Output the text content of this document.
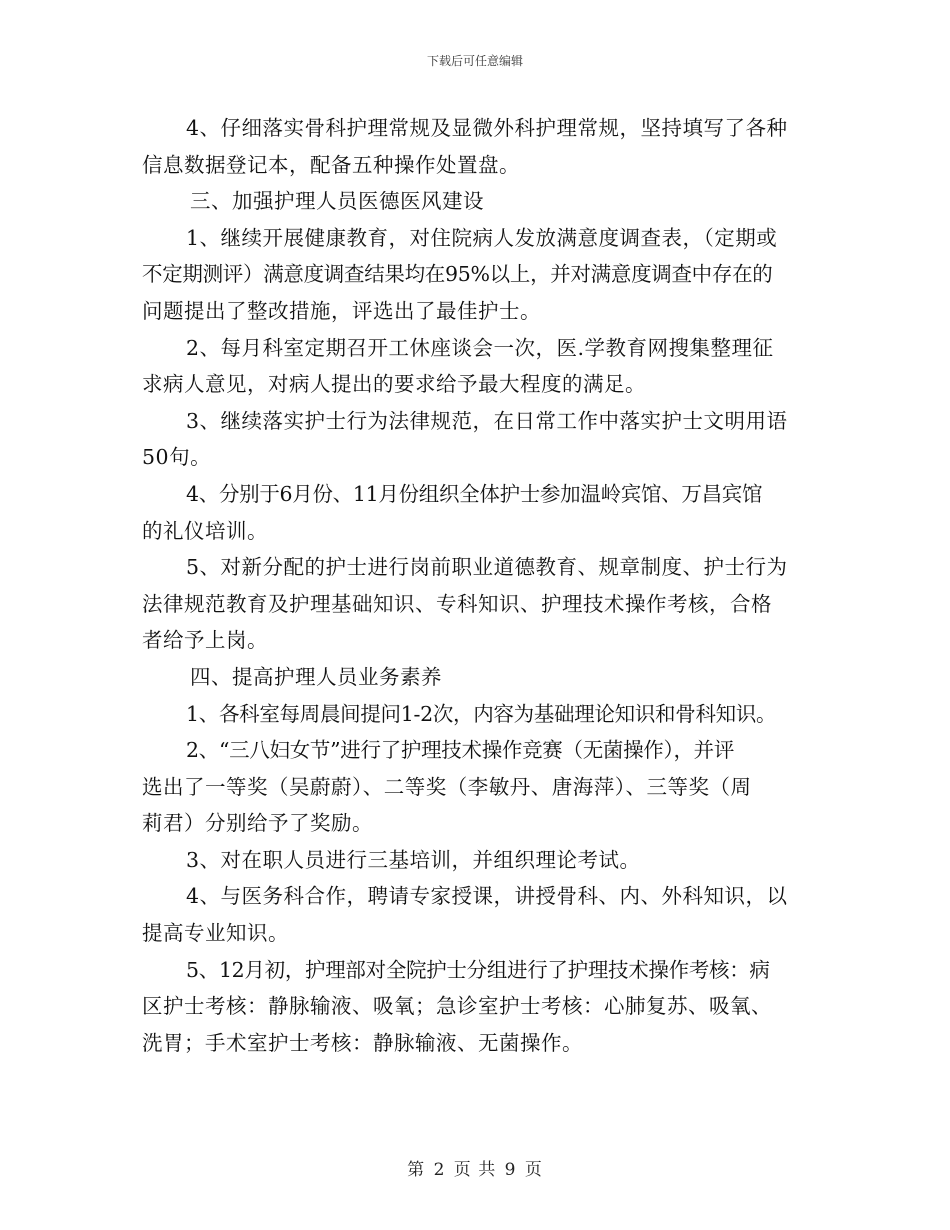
下载后可任意编辑
4、仔细落实骨科护理常规及显微外科护理常规，坚持填写了各种
信息数据登记本，配备五种操作处置盘。
三、加强护理人员医德医风建设
1、继续开展健康教育，对住院病人发放满意度调查表，（定期或
不定期测评）满意度调查结果均在95%以上，并对满意度调查中存在的
问题提出了整改措施，评选出了最佳护士。
2、每月科室定期召开工休座谈会一次，医.学教育网搜集整理征
求病人意见，对病人提出的要求给予最大程度的满足。
3、继续落实护士行为法律规范，在日常工作中落实护士文明用语
50句。
4、分别于6月份、11月份组织全体护士参加温岭宾馆、万昌宾馆
的礼仪培训。
5、对新分配的护士进行岗前职业道德教育、规章制度、护士行为
法律规范教育及护理基础知识、专科知识、护理技术操作考核，合格
者给予上岗。
四、提高护理人员业务素养
1、各科室每周晨间提问1-2次，内容为基础理论知识和骨科知识。
2、“三八妇女节”进行了护理技术操作竞赛（无菌操作），并评
选出了一等奖（吴蔚蔚）、二等奖（李敏丹、唐海萍）、三等奖（周
莉君）分别给予了奖励。
3、对在职人员进行三基培训，并组织理论考试。
4、与医务科合作，聘请专家授课，讲授骨科、内、外科知识，以
提高专业知识。
5、12月初，护理部对全院护士分组进行了护理技术操作考核：病
区护士考核：静脉输液、吸氧；急诊室护士考核：心肺复苏、吸氧、
洗胃；手术室护士考核：静脉输液、无菌操作。
第 2 页 共 9 页
